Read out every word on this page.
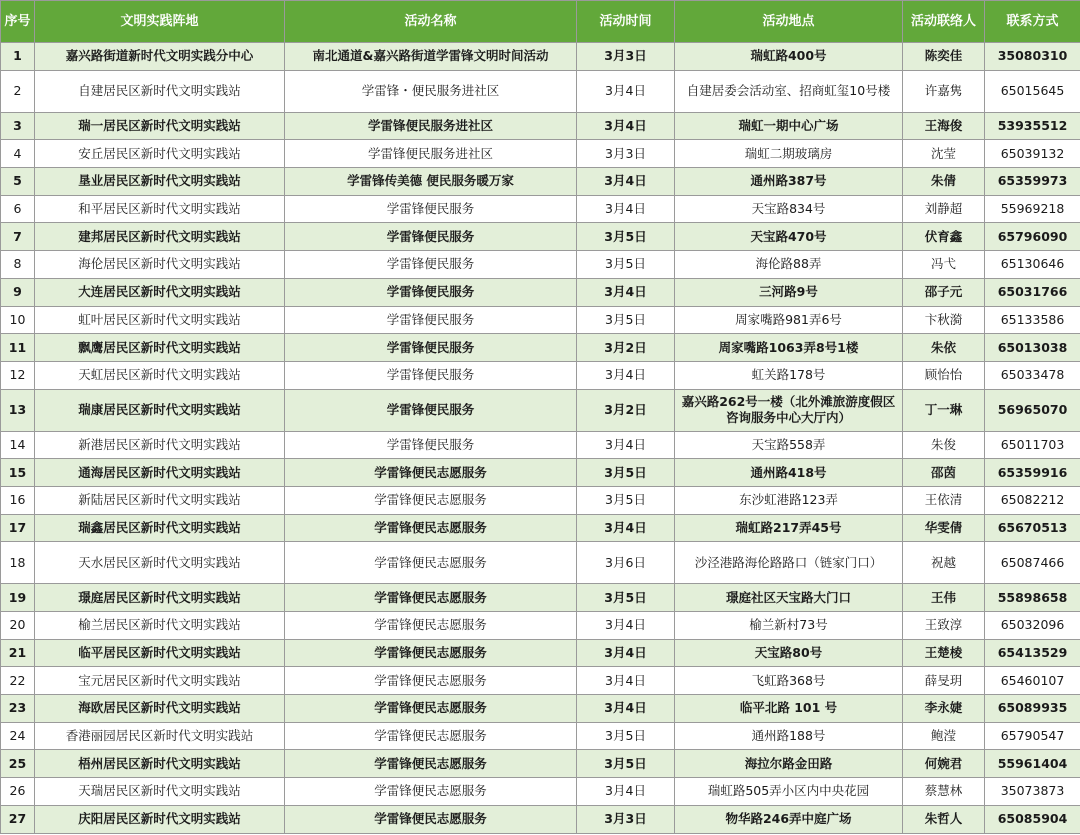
序号	文明实践阵地	活动名称	活动时间	活动地点	活动联络人	联系方式
1	嘉兴路街道新时代文明实践分中心	南北通道&嘉兴路街道学雷锋文明时间活动	3月3日	瑞虹路400号	陈奕佳	35080310
2	自建居民区新时代文明实践站	学雷锋・便民服务进社区	3月4日	自建居委会活动室、招商虹玺10号楼	许嘉隽	65015645
3	瑞一居民区新时代文明实践站	学雷锋便民服务进社区	3月4日	瑞虹一期中心广场	王海俊	53935512
4	安丘居民区新时代文明实践站	学雷锋便民服务进社区	3月3日	瑞虹二期玻璃房	沈莹	65039132
5	垦业居民区新时代文明实践站	学雷锋传美德 便民服务暖万家	3月4日	通州路387号	朱倩	65359973
6	和平居民区新时代文明实践站	学雷锋便民服务	3月4日	天宝路834号	刘静超	55969218
7	建邦居民区新时代文明实践站	学雷锋便民服务	3月5日	天宝路470号	伏育鑫	65796090
8	海伦居民区新时代文明实践站	学雷锋便民服务	3月5日	海伦路88弄	冯弋	65130646
9	大连居民区新时代文明实践站	学雷锋便民服务	3月4日	三河路9号	邵子元	65031766
10	虹叶居民区新时代文明实践站	学雷锋便民服务	3月5日	周家嘴路981弄6号	卞秋漪	65133586
11	飘鹰居民区新时代文明实践站	学雷锋便民服务	3月2日	周家嘴路1063弄8号1楼	朱依	65013038
12	天虹居民区新时代文明实践站	学雷锋便民服务	3月4日	虹关路178号	顾怡怡	65033478
13	瑞康居民区新时代文明实践站	学雷锋便民服务	3月2日	嘉兴路262号一楼（北外滩旅游度假区咨询服务中心大厅内）	丁一琳	56965070
14	新港居民区新时代文明实践站	学雷锋便民服务	3月4日	天宝路558弄	朱俊	65011703
15	通海居民区新时代文明实践站	学雷锋便民志愿服务	3月5日	通州路418号	邵茵	65359916
16	新陆居民区新时代文明实践站	学雷锋便民志愿服务	3月5日	东沙虹港路123弄	王依清	65082212
17	瑞鑫居民区新时代文明实践站	学雷锋便民志愿服务	3月4日	瑞虹路217弄45号	华雯倩	65670513
18	天水居民区新时代文明实践站	学雷锋便民志愿服务	3月6日	沙泾港路海伦路路口（链家门口）	祝越	65087466
19	璟庭居民区新时代文明实践站	学雷锋便民志愿服务	3月5日	璟庭社区天宝路大门口	王伟	55898658
20	榆兰居民区新时代文明实践站	学雷锋便民志愿服务	3月4日	榆兰新村73号	王致淳	65032096
21	临平居民区新时代文明实践站	学雷锋便民志愿服务	3月4日	天宝路80号	王楚棱	65413529
22	宝元居民区新时代文明实践站	学雷锋便民志愿服务	3月4日	飞虹路368号	薛旻玥	65460107
23	海欧居民区新时代文明实践站	学雷锋便民志愿服务	3月4日	临平北路 101 号	李永婕	65089935
24	香港丽园居民区新时代文明实践站	学雷锋便民志愿服务	3月5日	通州路188号	鲍滢	65790547
25	梧州居民区新时代文明实践站	学雷锋便民志愿服务	3月5日	海拉尔路金田路	何婉君	55961404
26	天瑞居民区新时代文明实践站	学雷锋便民志愿服务	3月4日	瑞虹路505弄小区内中央花园	蔡慧林	35073873
27	庆阳居民区新时代文明实践站	学雷锋便民志愿服务	3月3日	物华路246弄中庭广场	朱哲人	65085904
